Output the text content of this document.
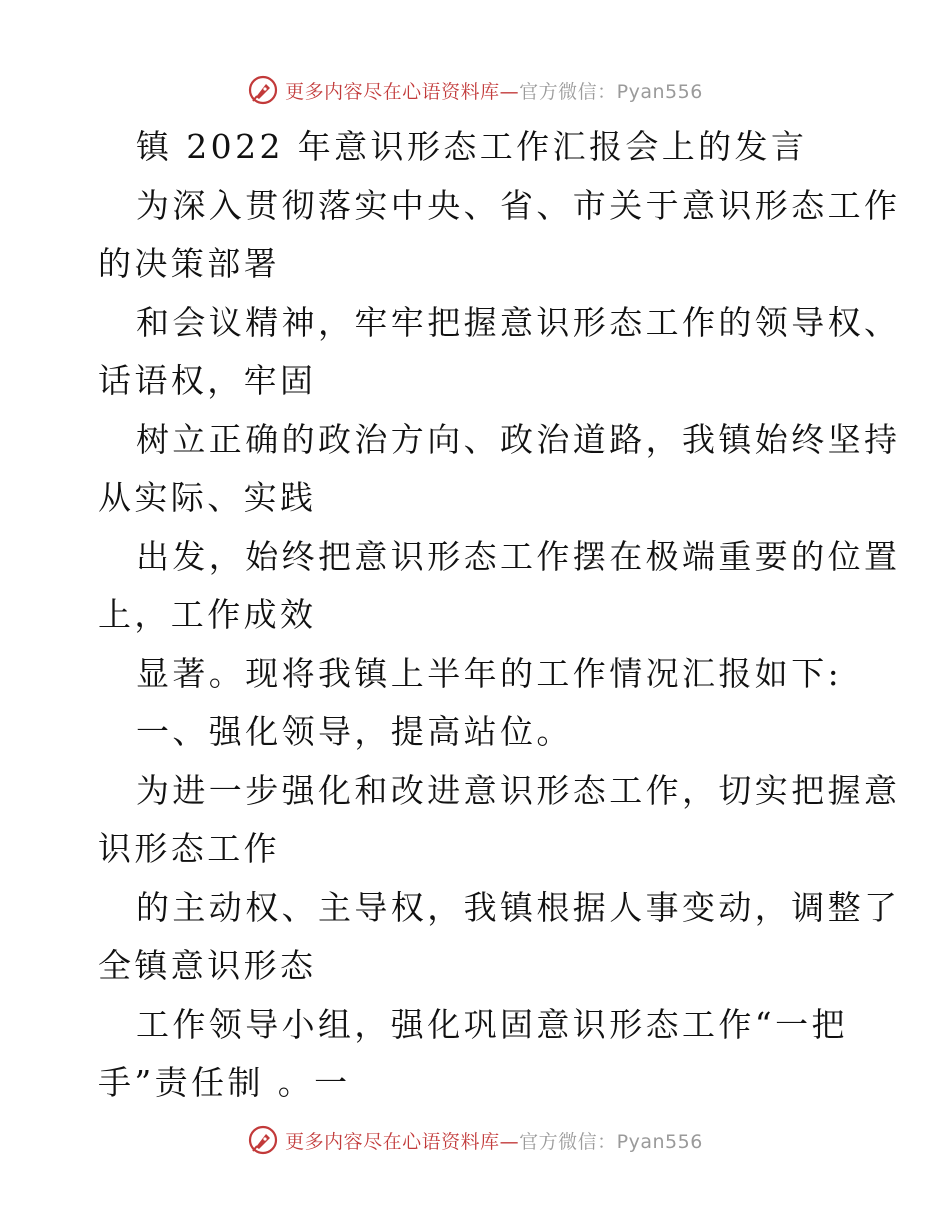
更多内容尽在心语资料库—官方微信：Pyan556
镇 2022 年意识形态工作汇报会上的发言
为深入贯彻落实中央、省、市关于意识形态工作
的决策部署
和会议精神，牢牢把握意识形态工作的领导权、
话语权，牢固
树立正确的政治方向、政治道路，我镇始终坚持
从实际、实践
出发，始终把意识形态工作摆在极端重要的位置
上，工作成效
显著。现将我镇上半年的工作情况汇报如下:
一、强化领导，提高站位。
为进一步强化和改进意识形态工作，切实把握意
识形态工作
的主动权、主导权，我镇根据人事变动，调整了
全镇意识形态
工作领导小组，强化巩固意识形态工作“一把
手”责任制 。一
更多内容尽在心语资料库—官方微信：Pyan556
